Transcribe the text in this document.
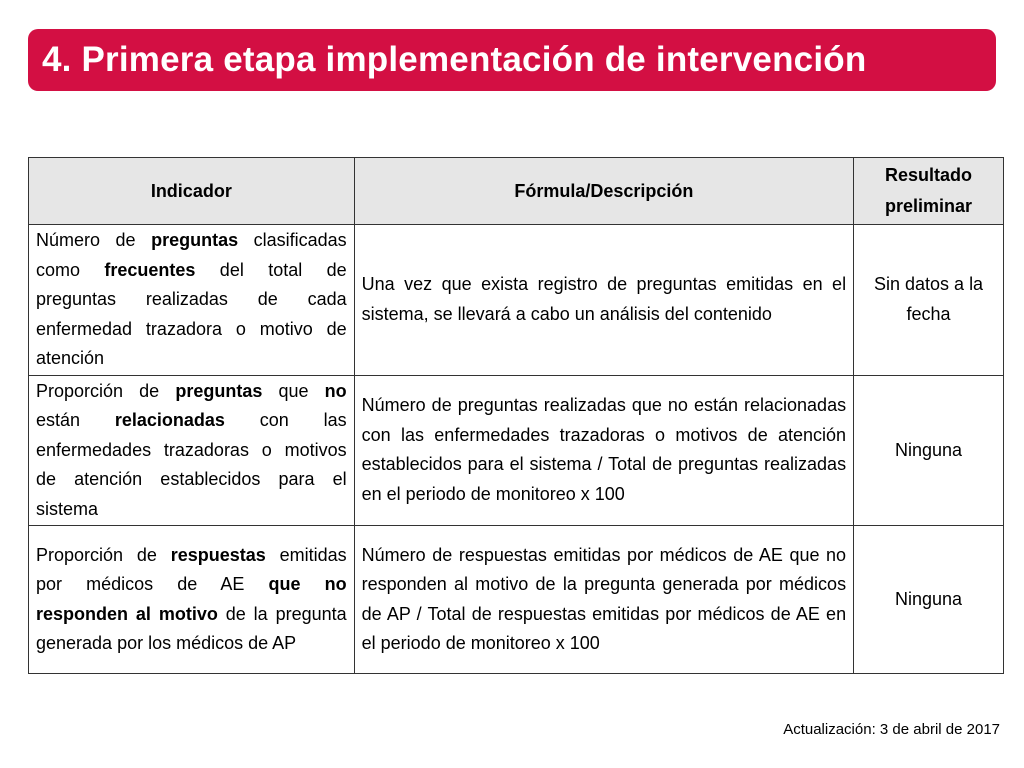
4. Primera etapa implementación de intervención
Indicador	Fórmula/Descripción	Resultado preliminar
Número de preguntas clasificadas como frecuentes del total de preguntas realizadas de cada enfermedad trazadora o motivo de atención	Una vez que exista registro de preguntas emitidas en el sistema, se llevará a cabo un análisis del contenido	Sin datos a la fecha
Proporción de preguntas que no están relacionadas con las enfermedades trazadoras o motivos de atención establecidos para el sistema	Número de preguntas realizadas que no están relacionadas con las enfermedades trazadoras o motivos de atención establecidos para el sistema / Total de preguntas realizadas en el periodo de monitoreo x 100	Ninguna
Proporción de respuestas emitidas por médicos de AE que no responden al motivo de la pregunta generada por los médicos de AP	Número de respuestas emitidas por médicos de AE que no responden al motivo de la pregunta generada por médicos de AP / Total de respuestas emitidas por médicos de AE en el periodo de monitoreo x 100	Ninguna
Actualización: 3 de abril de 2017
